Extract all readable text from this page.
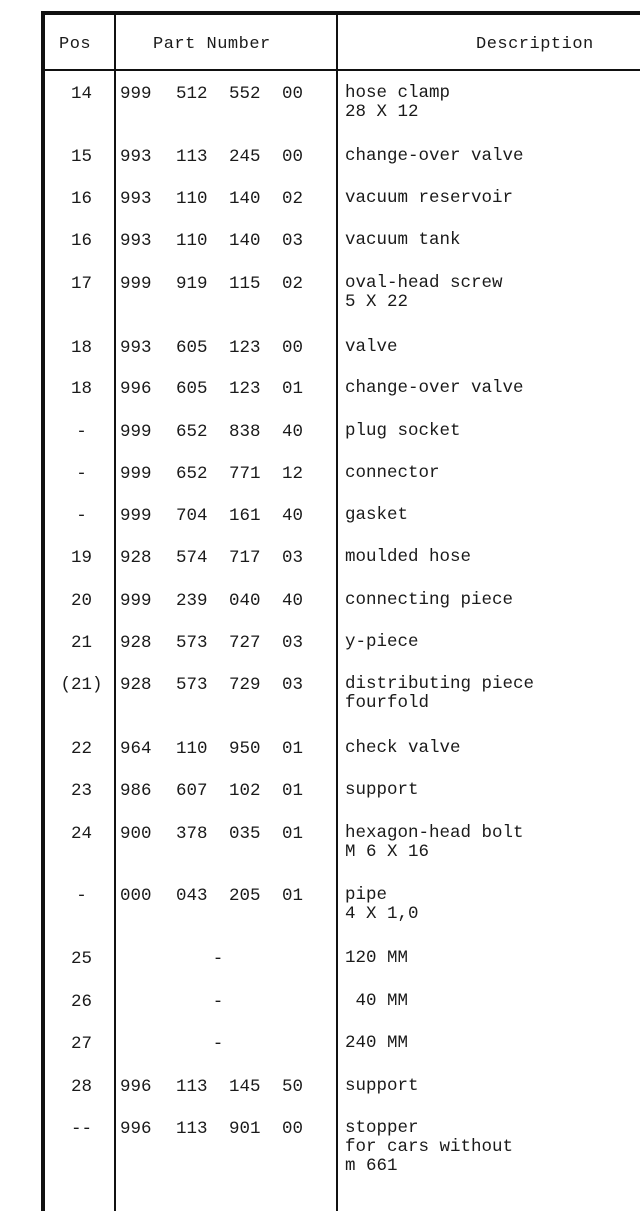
Pos	Part Number	Description
14	999 512 552 00 hose clamp
28 X 12
15	993 113 245 00 change-over valve
16	993 110 140 02 vacuum reservoir
16	993 110 140 03 vacuum tank
17	999 919 115 02 oval-head screw
5 X 22
18	993 605 123 00 valve
18	996 605 123 01 change-over valve
-	999 652 838 40 plug socket
-	999 652 771 12 connector
-	999 704 161 40 gasket
19	928 574 717 03 moulded hose
20	999 239 040 40 connecting piece
21	928 573 727 03 y-piece
(21)	928 573 729 03 distributing piece
fourfold
22	964 110 950 01 check valve
23	986 607 102 01 support
24	900 378 035 01 hexagon-head bolt
M 6 X 16
-	000 043 205 01 pipe
4 X 1,0
25	-	120 MM
26	-	40 MM
27	-	240 MM
28	996 113 145 50 support
--	996 113 901 00 stopper
for cars without
m 661
